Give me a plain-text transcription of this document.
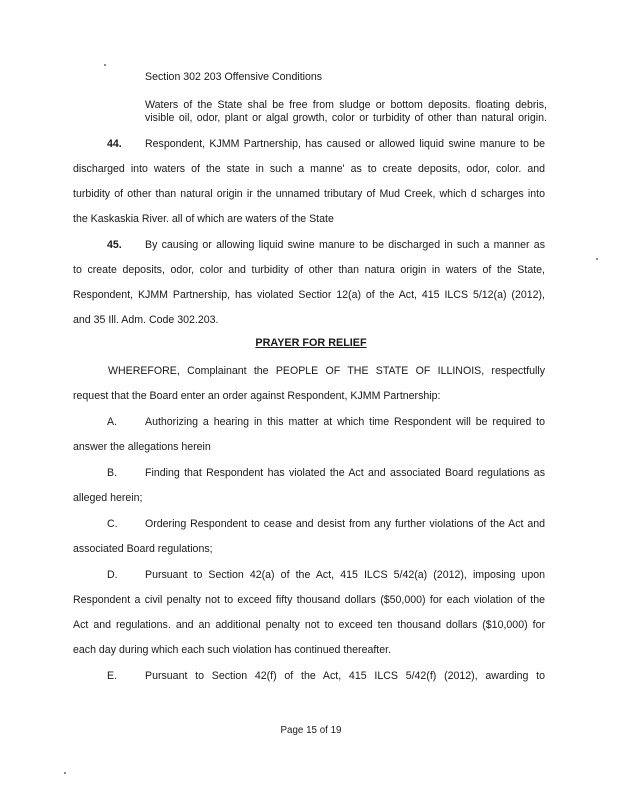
Section 302 203 Offensive Conditions
Waters of the State shal be free from sludge or bottom deposits. floating debris,
visible oil, odor, plant or algal growth, color or turbidity of other than natural origin.
44. Respondent, KJMM Partnership, has caused or allowed liquid swine manure to be
discharged into waters of the state in such a manne' as to create deposits, odor, color. and
turbidity of other than natural origin ir the unnamed tributary of Mud Creek, which d scharges into
the Kaskaskia River. all of which are waters of the State
45. By causing or allowing liquid swine manure to be discharged in such a manner as
to create deposits, odor, color and turbidity of other than natura origin in waters of the State,
Respondent, KJMM Partnership, has violated Sectior 12(a) of the Act, 415 ILCS 5/12(a) (2012),
and 35 Ill. Adm. Code 302.203.
PRAYER FOR RELIEF
WHEREFORE, Complainant the PEOPLE OF THE STATE OF ILLINOIS, respectfully
request that the Board enter an order against Respondent, KJMM Partnership:
A.	Authorizing a hearing in this matter at which time Respondent will be required to
answer the allegations herein
B.	Finding that Respondent has violated the Act and associated Board regulations as
alleged herein;
C.	Ordering Respondent to cease and desist from any further violations of the Act and
associated Board regulations;
D.	Pursuant to Section 42(a) of the Act, 415 ILCS 5/42(a) (2012), imposing upon
Respondent a civil penalty not to exceed fifty thousand dollars ($50,000) for each violation of the
Act and regulations. and an additional penalty not to exceed ten thousand dollars ($10,000) for
each day during which each such violation has continued thereafter.
E.	Pursuant to Section 42(f) of the Act, 415 ILCS 5/42(f) (2012), awarding to
Page 15 of 19
